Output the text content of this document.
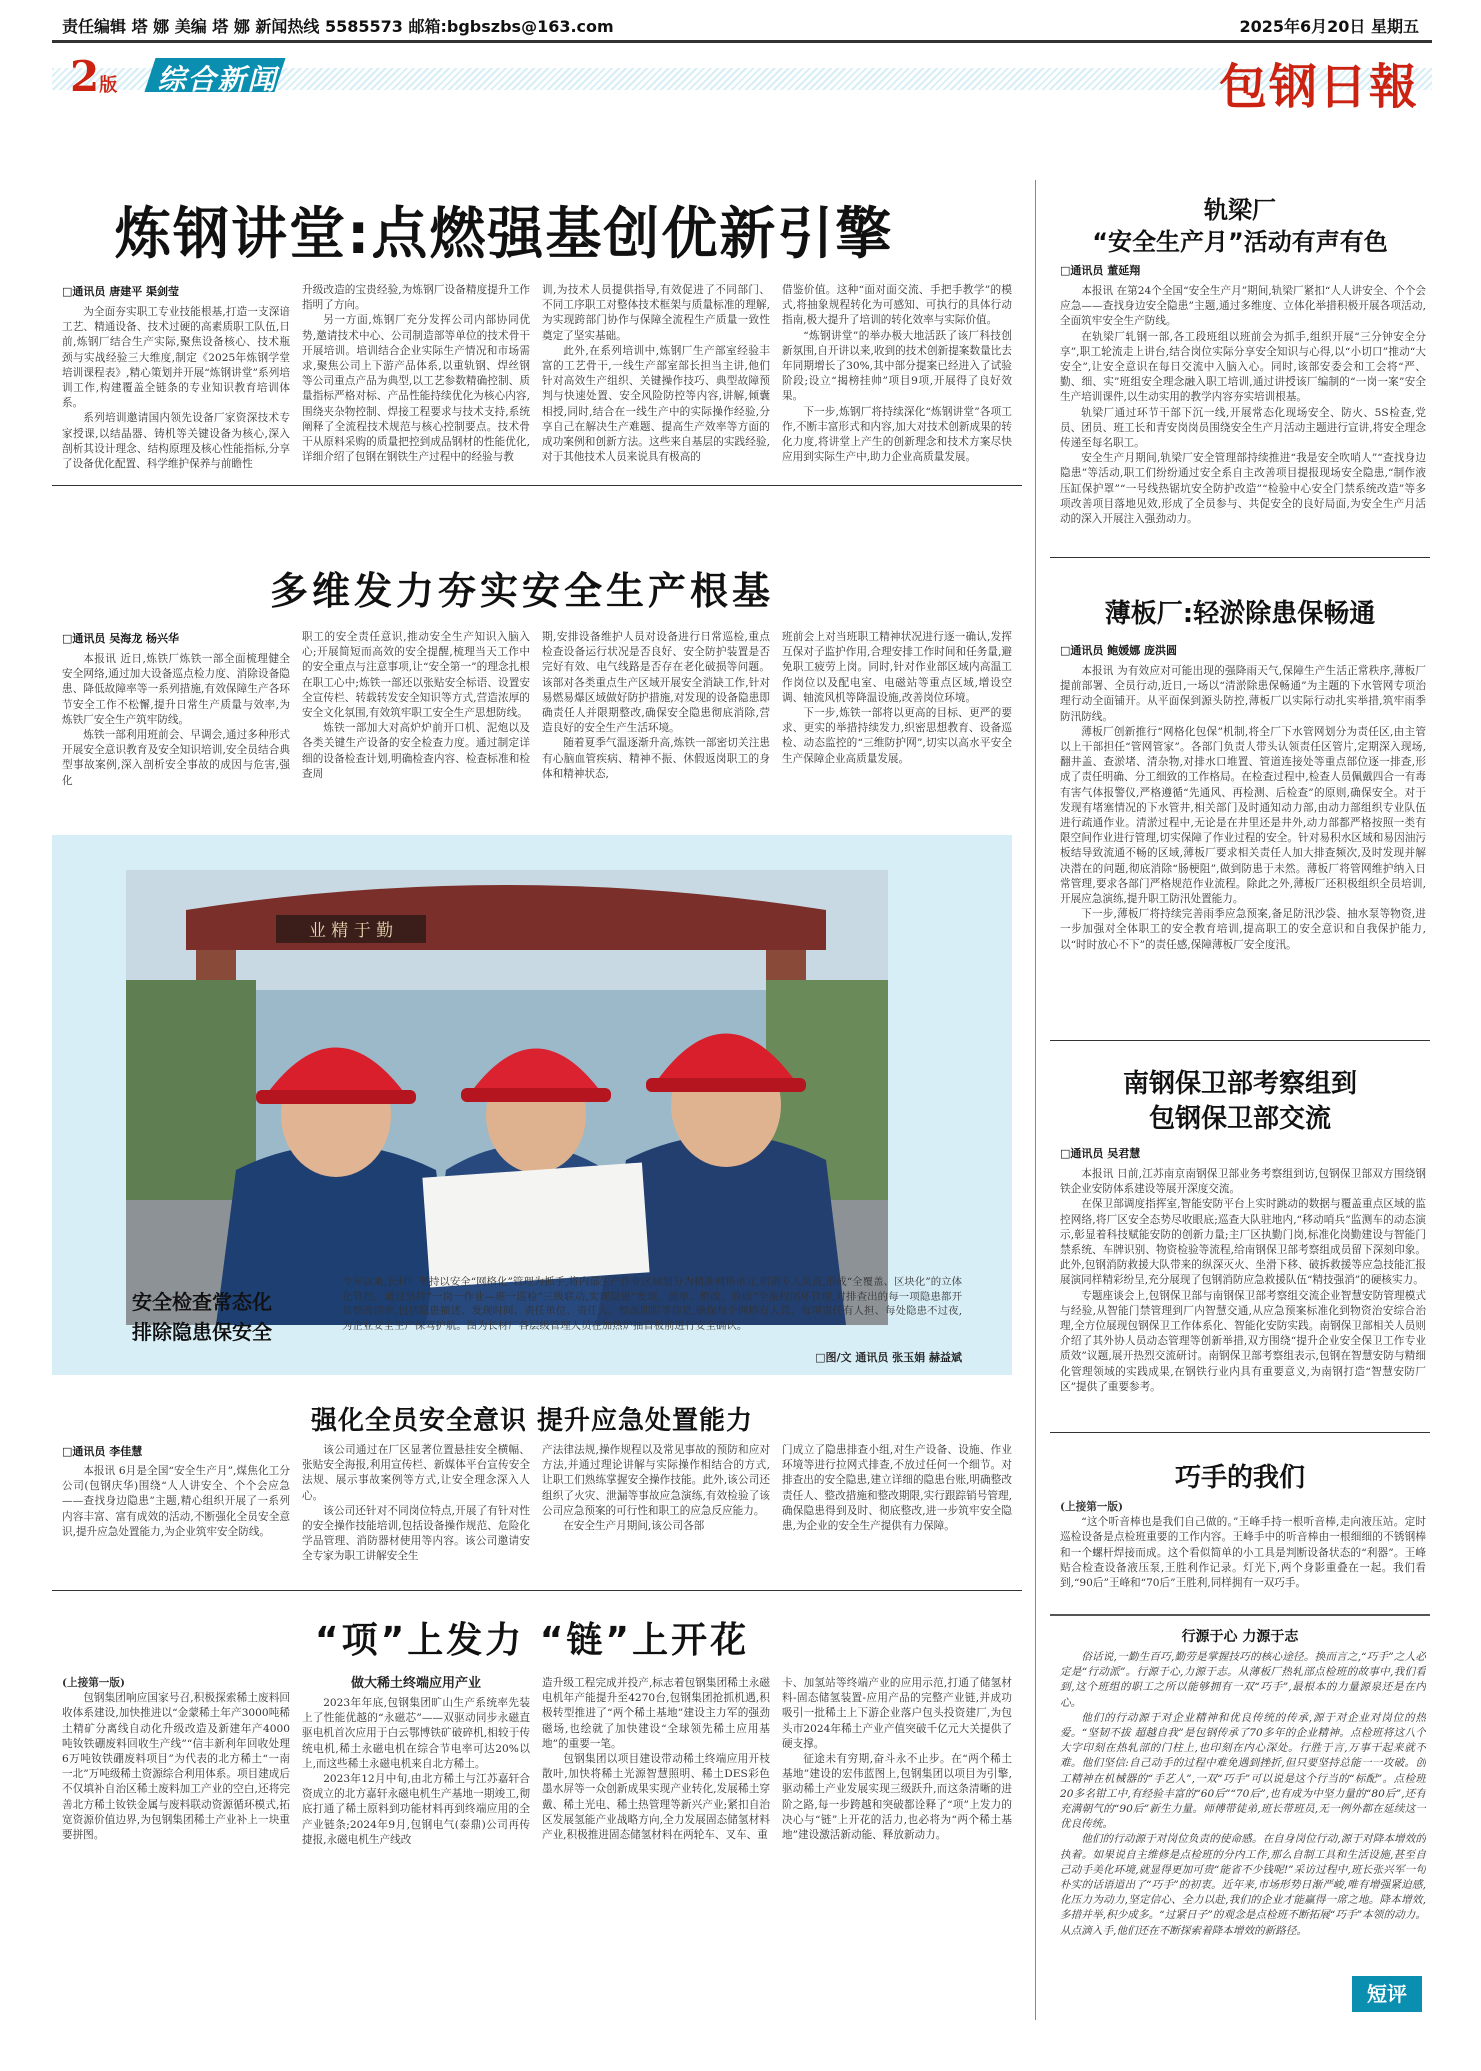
责任编辑 塔 娜 美编 塔 娜 新闻热线 5585573 邮箱:bgbszbs@163.com	2025年6月20日 星期五
2版 综合新闻	包钢日報
炼钢讲堂:点燃强基创优新引擎
□通讯员 唐建平 渠剑莹

为全面夯实职工专业技能根基,打造一支深谙工艺、精通设备、技术过硬的高素质职工队伍,日前,炼钢厂结合生产实际,聚焦设备核心、技术瓶颈与实战经验三大维度,制定《2025年炼钢学堂培训课程表》,精心策划并开展“炼钢讲堂”系列培训工作,构建覆盖全链条的专业知识教育培训体系。

系列培训邀请国内领先设备厂家资深技术专家授课,以结晶器、铸机等关键设备为核心,深入剖析其设计理念、结构原理及核心性能指标,分享了设备优化配置、科学维护保养与前瞻性

升级改造的宝贵经验,为炼钢厂设备精度提升工作指明了方向。

另一方面,炼钢厂充分发挥公司内部协同优势,邀请技术中心、公司制造部等单位的技术骨干开展培训。培训结合企业实际生产情况和市场需求,聚焦公司上下游产品体系,以重轨钢、焊丝钢等公司重点产品为典型,以工艺参数精确控制、质量指标严格对标、产品性能持续优化为核心内容,围绕夹杂物控制、焊接工程要求与技术支持,系统阐释了全流程技术规范与核心控制要点。技术骨干从原料采购的质量把控到成品钢材的性能优化,详细介绍了包钢在钢铁生产过程中的经验与教

训,为技术人员提供指导,有效促进了不同部门、不同工序职工对整体技术框架与质量标准的理解,为实现跨部门协作与保障全流程生产质量一致性奠定了坚实基础。

此外,在系列培训中,炼钢厂生产部室经验丰富的工艺骨干,一线生产部室部长担当主讲,他们针对高效生产组织、关键操作技巧、典型故障预判与快速处置、安全风险防控等内容,讲解,倾囊相授,同时,结合在一线生产中的实际操作经验,分享自己在解决生产难题、提高生产效率等方面的成功案例和创新方法。这些来自基层的实践经验,对于其他技术人员来说具有极高的

借鉴价值。这种“面对面交流、手把手教学”的模式,将抽象规程转化为可感知、可执行的具体行动指南,极大提升了培训的转化效率与实际价值。

“炼钢讲堂”的举办极大地活跃了该厂科技创新氛围,自开讲以来,收到的技术创新提案数量比去年同期增长了30%,其中部分提案已经进入了试验阶段;设立“揭榜挂帅”项目9项,开展得了良好效果。

下一步,炼钢厂将持续深化“炼钢讲堂”各项工作,不断丰富形式和内容,加大对技术创新成果的转化力度,将讲堂上产生的创新理念和技术方案尽快应用到实际生产中,助力企业高质量发展。

多维发力夯实安全生产根基
□通讯员 吴海龙 杨兴华

本报讯 近日,炼铁厂炼铁一部全面梳理健全安全网络,通过加大设备巡点检力度、消除设备隐患、降低故障率等一系列措施,有效保障生产各环节安全工作不松懈,提升日常生产质量与效率,为炼铁厂安全生产筑牢防线。

炼铁一部利用班前会、早调会,通过多种形式开展安全意识教育及安全知识培训,安全员结合典型事故案例,深入剖析安全事故的成因与危害,强化

职工的安全责任意识,推动安全生产知识入脑入心;开展简短而高效的安全提醒,梳理当天工作中的安全重点与注意事项,让“安全第一”的理念扎根在职工心中;炼铁一部还以张贴安全标语、设置安全宣传栏、转载转发安全知识等方式,营造浓厚的安全文化氛围,有效筑牢职工安全生产思想防线。

炼铁一部加大对高炉炉前开口机、泥炮以及各类关键生产设备的安全检查力度。通过制定详细的设备检查计划,明确检查内容、检查标准和检查周

期,安排设备维护人员对设备进行日常巡检,重点检查设备运行状况是否良好、安全防护装置是否完好有效、电气线路是否存在老化破损等问题。该部对各类重点生产区域开展安全消缺工作,针对易燃易爆区域做好防护措施,对发现的设备隐患即确责任人并限期整改,确保安全隐患彻底消除,营造良好的安全生产生活环境。

随着夏季气温逐渐升高,炼铁一部密切关注患有心脑血管疾病、精神不振、休假返岗职工的身体和精神状态,

班前会上对当班职工精神状况进行逐一确认,发挥互保对子监护作用,合理安排工作时间和任务量,避免职工疲劳上岗。同时,针对作业部区域内高温工作岗位以及配电室、电磁站等重点区域,增设空调、轴流风机等降温设施,改善岗位环境。

下一步,炼铁一部将以更高的目标、更严的要求、更实的举措持续发力,织密思想教育、设备巡检、动态监控的“三维防护网”,切实以高水平安全生产保障企业高质量发展。

业 精 于 勤
安全检查常态化
排除隐患保安全
今年以来,长材厂坚持以安全“网格化”管理为抓手,将内部生产作业区域划分为精准网格单元,明确专人负责,形成“全覆盖、区块化”的立体化管控。通过坚持“一岗一作业—班一巡检”三级联动,实现隐患“发现、派单、整改、验收”全流程闭环管理,对排查出的每一项隐患都开具整改清单,包括隐患描述、发现时间、责任单位、责任人、整改期限等信息,确保每个网格有人管、每项责任有人担、每处隐患不过夜,为企业安全生产保驾护航。图为长材厂各层级管理人员在加热炉抽盲板前进行安全确认。
□图/文 通讯员 张玉娟 赫益斌
强化全员安全意识 提升应急处置能力
□通讯员 李佳慧

本报讯 6月是全国“安全生产月”,煤焦化工分公司(包钢庆华)围绕“人人讲安全、个个会应急——查找身边隐患”主题,精心组织开展了一系列内容丰富、富有成效的活动,不断强化全员安全意识,提升应急处置能力,为企业筑牢安全防线。

该公司通过在厂区显著位置悬挂安全横幅、张贴安全海报,利用宣传栏、新媒体平台宣传安全法规、展示事故案例等方式,让安全理念深入人心。

该公司还针对不同岗位特点,开展了有针对性的安全操作技能培训,包括设备操作规范、危险化学品管理、消防器材使用等内容。该公司邀请安全专家为职工讲解安全生

产法律法规,操作规程以及常见事故的预防和应对方法,并通过理论讲解与实际操作相结合的方式,让职工们熟练掌握安全操作技能。此外,该公司还组织了火灾、泄漏等事故应急演练,有效检验了该公司应急预案的可行性和职工的应急反应能力。

在安全生产月期间,该公司各部

门成立了隐患排查小组,对生产设备、设施、作业环境等进行拉网式排查,不放过任何一个细节。对排查出的安全隐患,建立详细的隐患台账,明确整改责任人、整改措施和整改期限,实行跟踪销号管理,确保隐患得到及时、彻底整改,进一步筑牢安全隐患,为企业的安全生产提供有力保障。

“项”上发力 “链”上开花

(上接第一版)

包钢集团响应国家号召,积极探索稀土废料回收体系建设,加快推进以“金蒙稀土年产3000吨稀土精矿分离线自动化升级改造及新建年产4000吨钕铁硼废料回收生产线”“信丰新利年回收处理6万吨钕铁硼废料项目”为代表的北方稀土“一南一北”万吨级稀土资源综合利用体系。项目建成后不仅填补自治区稀土废料加工产业的空白,还将完善北方稀土钕铁金属与废料联动资源循环模式,拓宽资源价值边界,为包钢集团稀土产业补上一块重要拼图。

做大稀土终端应用产业

2023年年底,包钢集团旷山生产系统率先装上了性能优越的“永磁芯”——双驱动同步永磁直驱电机首次应用于白云鄂博铁矿破碎机,相较于传统电机,稀土永磁电机在综合节电率可达20%以上,而这些稀土永磁电机来自北方稀土。

2023年12月中旬,由北方稀土与江苏嘉轩合资成立的北方嘉轩永磁电机生产基地一期竣工,彻底打通了稀土原料到功能材料再到终端应用的全产业链条;2024年9月,包钢电气(泰鼎)公司再传捷报,永磁电机生产线改

造升级工程完成并投产,标志着包钢集团稀土永磁电机年产能提升至4270台,包钢集团抢抓机遇,积极转型推进了“两个稀土基地”建设主力军的强劲磁场,也绘就了加快建设“全球领先稀土应用基地”的重要一笔。

包钢集团以项目建设带动稀土终端应用开枝散叶,加快将稀土光源智慧照明、稀土DES彩色墨水屏等一众创新成果实现产业转化,发展稀土穿戴、稀土光电、稀土热管理等新兴产业;紧扣自治区发展氢能产业战略方向,全力发展固态储氢材料产业,积极推进固态储氢材料在两轮车、叉车、重

卡、加氢站等终端产业的应用示范,打通了储氢材料-固态储氢装置-应用产品的完整产业链,并成功吸引一批稀土上下游企业落户包头投资建厂,为包头市2024年稀土产业产值突破千亿元大关提供了硬支撑。

征途未有穷期,奋斗永不止步。在“两个稀土基地”建设的宏伟蓝图上,包钢集团以项目为引擎,驱动稀土产业发展实现三级跃升,而这条清晰的进阶之路,每一步跨越和突破都诠释了“项”上发力的决心与“链”上开花的活力,也必将为“两个稀土基地”建设激活新动能、释放新动力。

轨梁厂
“安全生产月”活动有声有色
□通讯员 董延翔

本报讯 在第24个全国“安全生产月”期间,轨梁厂紧扣“人人讲安全、个个会应急——查找身边安全隐患”主题,通过多维度、立体化举措积极开展各项活动,全面筑牢安全生产防线。

在轨梁厂轧钢一部,各工段班组以班前会为抓手,组织开展“三分钟安全分享”,职工轮流走上讲台,结合岗位实际分享安全知识与心得,以“小切口”推动“大安全”,让安全意识在每日交流中入脑入心。同时,该部安委会和工会将“严、勤、细、实”班组安全理念融入职工培训,通过讲授该厂编制的“一岗一案”安全生产培训课件,以生动实用的教学内容夯实培训根基。

轨梁厂通过环节干部下沉一线,开展常态化现场安全、防火、5S检查,党员、团员、班工长和青安岗岗员围绕安全生产月活动主题进行宣讲,将安全理念传递至每名职工。

安全生产月期间,轨梁厂安全管理部持续推进“我是安全吹哨人”“查找身边隐患”等活动,职工们纷纷通过安全系自主改善项目提报现场安全隐患,“制作液压缸保护罩”“一号线热锯坑安全防护改造”“检验中心安全门禁系统改造”等多项改善项目落地见效,形成了全员参与、共促安全的良好局面,为安全生产月活动的深入开展注入强劲动力。

薄板厂:轻淤除患保畅通
□通讯员 鲍媛娜 庞洪圆

本报讯 为有效应对可能出现的强降雨天气,保障生产生活正常秩序,薄板厂提前部署、全员行动,近日,一场以“清淤除患保畅通”为主题的下水管网专项治理行动全面铺开。从平面保到源头防控,薄板厂以实际行动扎实举措,筑牢雨季防汛防线。

薄板厂创新推行“网格化包保”机制,将全厂下水管网划分为责任区,由主管以上干部担任“管网管家”。各部门负责人带头认领责任区管片,定期深入现场,翻井盖、查淤堵、清杂物,对排水口堆置、管道连接处等重点部位逐一排查,形成了责任明确、分工细致的工作格局。在检查过程中,检查人员佩戴四合一有毒有害气体报警仪,严格遵循“先通风、再检测、后检查”的原则,确保安全。对于发现有堵塞情况的下水管井,相关部门及时通知动力部,由动力部组织专业队伍进行疏通作业。清淤过程中,无论是在井里还是井外,动力部都严格按照一类有限空间作业进行管理,切实保障了作业过程的安全。针对易积水区域和易因油污板结导致流通不畅的区域,薄板厂要求相关责任人加大排查频次,及时发现并解决潜在的问题,彻底消除“肠梗阻”,做到防患于未然。薄板厂将管网维护纳入日常管理,要求各部门严格规范作业流程。除此之外,薄板厂还积极组织全员培训,开展应急演练,提升职工防汛处置能力。

下一步,薄板厂将持续完善雨季应急预案,备足防汛沙袋、抽水泵等物资,进一步加强对全体职工的安全教育培训,提高职工的安全意识和自我保护能力,以“时时放心不下”的责任感,保障薄板厂安全度汛。

南钢保卫部考察组到
包钢保卫部交流
□通讯员 吴君慧

本报讯 日前,江苏南京南钢保卫部业务考察组到访,包钢保卫部双方围绕钢铁企业安防体系建设等展开深度交流。

在保卫部调度指挥室,智能安防平台上实时跳动的数据与覆盖重点区域的监控网络,将厂区安全态势尽收眼底;巡查大队驻地内,“移动哨兵”监测车的动态演示,彰显着科技赋能安防的创新力量;主厂区执勤门岗,标准化岗勤建设与智能门禁系统、车牌识别、物资检验等流程,给南钢保卫部考察组成员留下深刻印象。此外,包钢消防救援大队带来的纵深灭火、坐滑下移、破拆救援等应急技能汇报展演同样精彩纷呈,充分展现了包钢消防应急救援队伍“精技强消”的硬核实力。

专题座谈会上,包钢保卫部与南钢保卫部考察组交流企业智慧安防管理模式与经验,从智能门禁管理到厂内智慧交通,从应急预案标准化到物资治安综合治理,全方位展现包钢保卫工作体系化、智能化安防实践。南钢保卫部相关人员则介绍了其外协人员动态管理等创新举措,双方围绕“提升企业安全保卫工作专业质效”议题,展开热烈交流研讨。南钢保卫部考察组表示,包钢在智慧安防与精细化管理领域的实践成果,在钢铁行业内具有重要意义,为南钢打造“智慧安防厂区”提供了重要参考。

巧手的我们

(上接第一版)

“这个听音棒也是我们自己做的。”王峰手持一根听音棒,走向液压站。定时巡检设备是点检班重要的工作内容。王峰手中的听音棒由一根细细的不锈钢棒和一个螺杆焊接而成。这个看似简单的小工具是判断设备状态的“利器”。王峰贴合检查设备液压泵,王胜利作记录。灯光下,两个身影重叠在一起。我们看到,“90后”王峰和“70后”王胜利,同样拥有一双巧手。

行源于心 力源于志

俗话说,一勤生百巧,勤劳是掌握技巧的核心途径。换而言之,“巧手”之人必定是“行动派”。行源于心,力源于志。从薄板厂热轧部点检班的故事中,我们看到,这个班组的职工之所以能够拥有一双“巧手”,最根本的力量源泉还是在内心。

他们的行动源于对企业精神和优良传统的传承,源于对企业对岗位的热爱。“坚韧不拔 超越自我”是包钢传承了70多年的企业精神。点检班将这八个大字印刻在热轧部的门柱上,也印刻在内心深处。行胜于言,万事干起来就不难。他们坚信:自己动手的过程中难免遇到挫折,但只要坚持总能一一攻破。创工精神在机械器的“手艺人”,一双“巧手”可以说是这个行当的“标配”。点检班20多名钳工中,有经验丰富的“60后”“70后”,也有成为中坚力量的“80后”,还有充满朝气的“90后”新生力量。师傅带徒弟,班长带班员,无一例外都在延续这一优良传统。

他们的行动源于对岗位负责的使命感。在自身岗位行动,源于对降本增效的执着。如果说自主维修是点检班的分内工作,那么自制工具和生活设施,甚至自己动手美化环境,就显得更加可贵“能省不少钱呢!”采访过程中,班长张兴军一句朴实的话语道出了“巧手”的初衷。近年来,市场形势日渐严峻,唯有增强紧迫感,化压力为动力,坚定信心、全力以赴,我们的企业才能赢得一席之地。降本增效,多措并举,积少成多。“过紧日子”的观念是点检班不断拓展“巧手”本领的动力。从点滴入手,他们还在不断探索着降本增效的新路径。

短评
